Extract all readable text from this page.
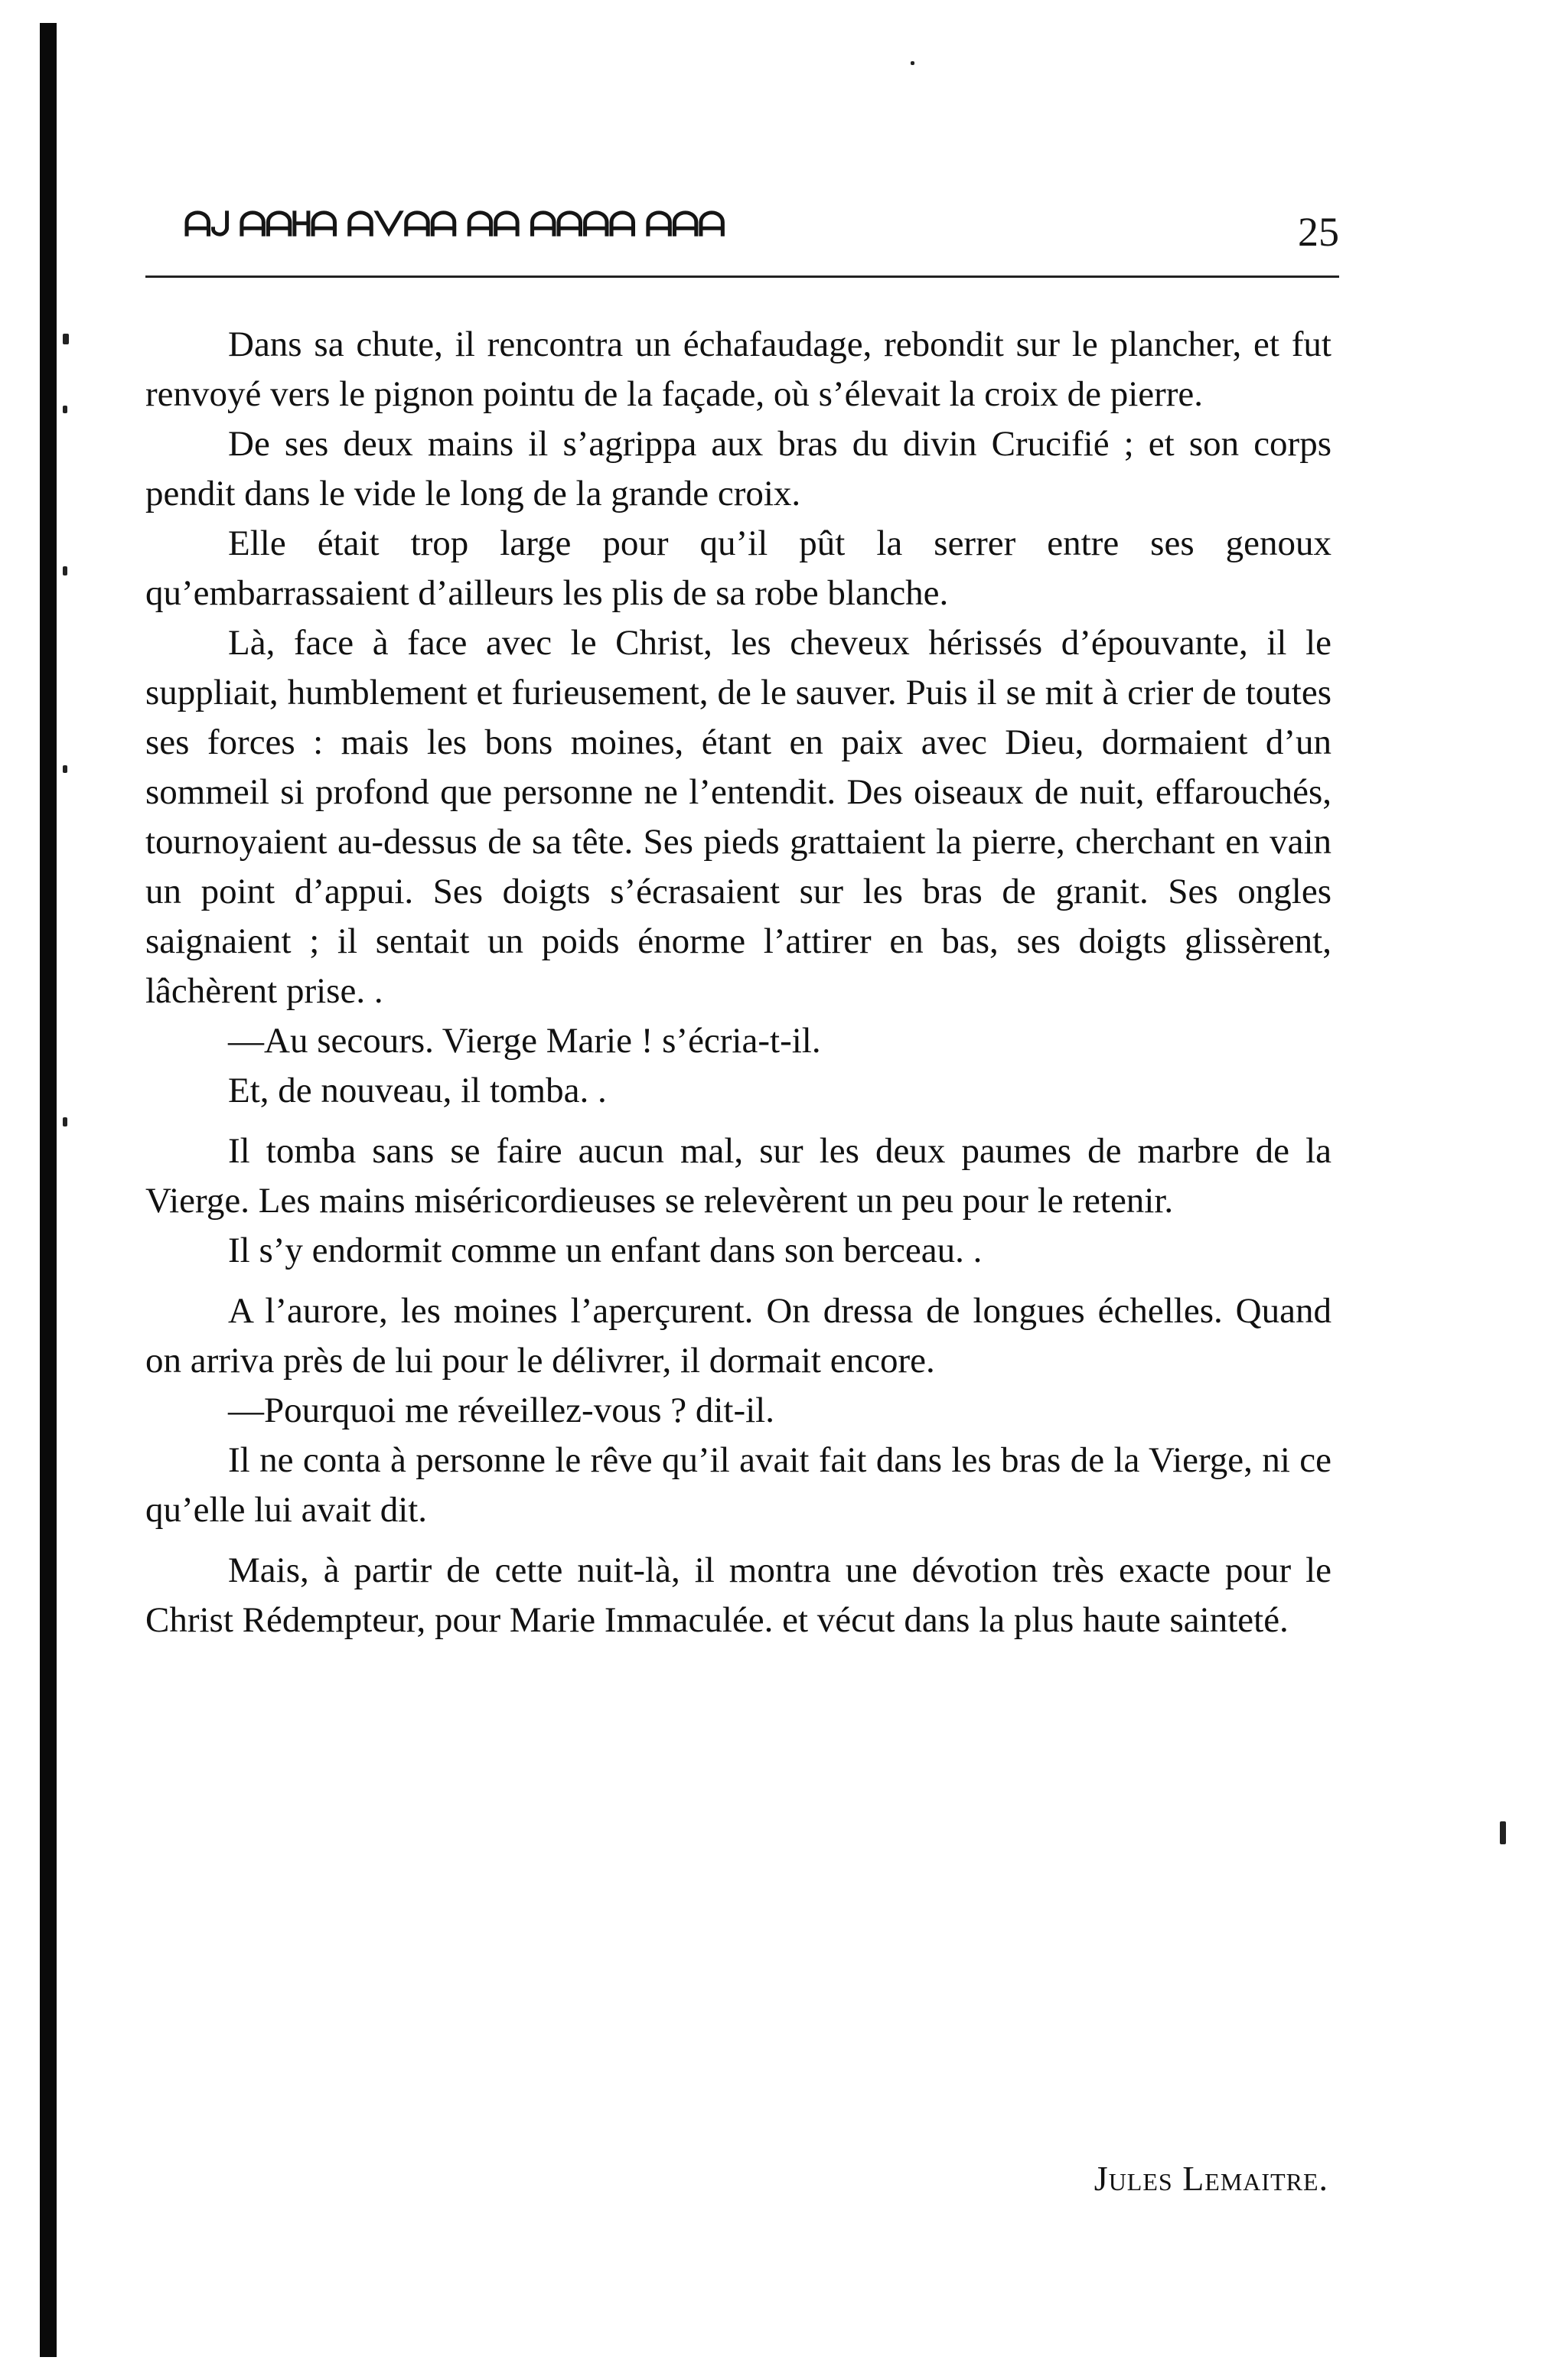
ᗩᒍ ᗩᗩᕼᗩ ᗩᐯᗩᗩ ᗩᗩ ᗩᗩᗩᗩ ᗩᗩᗩ	25

Dans sa chute, il rencontra un échafaudage, rebondit sur le plancher, et fut renvoyé vers le pignon pointu de la façade, où s’élevait la croix de pierre.

De ses deux mains il s’agrippa aux bras du divin Crucifié ; et son corps pendit dans le vide le long de la grande croix.

Elle était trop large pour qu’il pût la serrer entre ses genoux qu’embarrassaient d’ailleurs les plis de sa robe blanche.

Là, face à face avec le Christ, les cheveux hérissés d’épouvante, il le suppliait, humblement et furieusement, de le sauver. Puis il se mit à crier de toutes ses forces : mais les bons moines, étant en paix avec Dieu, dormaient d’un sommeil si profond que personne ne l’entendit. Des oiseaux de nuit, effarouchés, tournoyaient au-dessus de sa tête. Ses pieds grattaient la pierre, cherchant en vain un point d’appui. Ses doigts s’écrasaient sur les bras de granit. Ses ongles saignaient ; il sentait un poids énorme l’attirer en bas, ses doigts glissèrent, lâchèrent prise. .

—Au secours. Vierge Marie ! s’écria-t-il.

Et, de nouveau, il tomba. .

Il tomba sans se faire aucun mal, sur les deux paumes de marbre de la Vierge. Les mains miséricordieuses se relevèrent un peu pour le retenir.

Il s’y endormit comme un enfant dans son berceau. .

A l’aurore, les moines l’aperçurent. On dressa de longues échelles. Quand on arriva près de lui pour le délivrer, il dormait encore.

—Pourquoi me réveillez-vous ? dit-il.

Il ne conta à personne le rêve qu’il avait fait dans les bras de la Vierge, ni ce qu’elle lui avait dit.

Mais, à partir de cette nuit-là, il montra une dévotion très exacte pour le Christ Rédempteur, pour Marie Immaculée. et vécut dans la plus haute sainteté.

Jules Lemaitre.
